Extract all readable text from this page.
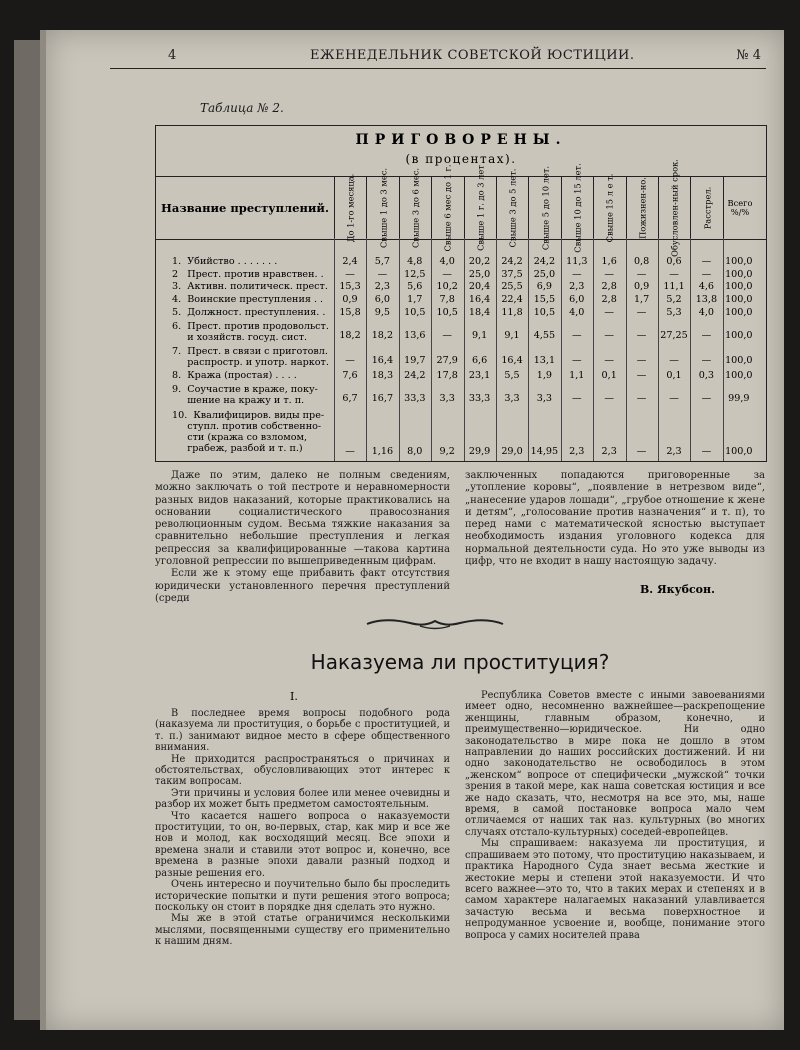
4	ЕЖЕНЕДЕЛЬНИК СОВЕТСКОЙ ЮСТИЦИИ.	№ 4
Таблица № 2.
ПРИГОВОРЕНЫ.
(в процентах).
Название преступлений.	До 1-го месяца.	Свыше 1 до 3 мес.	Свыше 3 до 6 мес.	Свыше 6 мес до 1 г.	Свыше 1 г. до 3 лет	Свыше 3 до 5 лет.	Свыше 5 до 10 лет.	Свыше 10 до 15 лет.	Свыше 15 л е т.	Пожизнен-но.	Обусловлен-ный срок.	Расстрел.	Всего %/%
1.  Убийство . . . . . . .	2,4	5,7	4,8	4,0	20,2	24,2	24,2	11,3	1,6	0,8	0,6	—	100,0
2   Прест. против нравствен. .	—	—	12,5	—	25,0	37,5	25,0	—	—	—	—	—	100,0
3.  Активн. политическ. прест.	15,3	2,3	5,6	10,2	20,4	25,5	6,9	2,3	2,8	0,9	11,1	4,6	100,0
4.  Воинские преступления . .	0,9	6,0	1,7	7,8	16,4	22,4	15,5	6,0	2,8	1,7	5,2	13,8 100,0
5.  Должност. преступления. .	15,8	9,5	10,5	10,5	18,4	11,8	10,5	4,0	—	—	5,3	4,0	100,0
6.  Прест. против продовольст.
и хозяйств. госуд. сист.	18,2	18,2	13,6	—	9,1	9,1	4,55	—	—	—	27,25	—	100,0
7.  Прест. в связи с приготовл.
распростр. и употр. наркот.	—	16,4	19,7	27,9	6,6	16,4	13,1	—	—	—	—	—	100,0
8.  Кража (простая) . . . .	7,6	18,3	24,2	17,8	23,1	5,5	1,9	1,1	0,1	—	0,1	0,3	100,0
9.  Соучастие в краже, поку-
шение на кражу и т. п.	6,7	16,7	33,3	3,3	33,3	3,3	3,3	—	—	—	—	—	99,9
10.  Квалифициров. виды пре-
ступл. против собственно-
сти (кража со взломом,
грабеж, разбой и т. п.)	—	1,16	8,0	9,2	29,9	29,0 14,95	2,3	2,3	—	2,3	—	100,0

Даже по этим, далеко не полным сведениям, можно заключать о той пестроте и неравномерности разных видов наказаний, которые практиковались на основании социалистического правосознания революционным судом. Весьма тяжкие наказания за сравнительно небольшие преступления и легкая репрессия за квалифицированные —такова картина уголовной репрессии по вышеприведенным цифрам.

Если же к этому еще прибавить факт отсутствия юридически установленного перечня преступлений (среди

заключенных попадаются приговоренные за „утопление коровы“, „появление в нетрезвом виде“, „нанесение ударов лошади“, „грубое отношение к жене и детям“, „голосование против назначения“ и т. п), то перед нами с математической ясностью выступает необходимость издания уголовного кодекса для нормальной деятельности суда. Но это уже выводы из цифр, что не входит в нашу настоящую задачу.

В. Якубсон.
Наказуема ли проституция?
I.

В последнее время вопросы подобного рода (наказуема ли проституция, о борьбе с проституцией, и т. п.) занимают видное место в сфере общественного внимания.

Не приходится распространяться о причинах и обстоятельствах, обусловливающих этот интерес к таким вопросам.

Эти причины и условия более или менее очевидны и разбор их может быть предметом самостоятельным.

Что касается нашего вопроса о наказуемости проституции, то он, во-первых, стар, как мир и все же нов и молод, как восходящий месяц. Все эпохи и времена знали и ставили этот вопрос и, конечно, все времена в разные эпохи давали разный подход и разные решения его.

Очень интересно и поучительно было бы проследить исторические попытки и пути решения этого вопроса; поскольку он стоит в порядке дня сделать это нужно.

Мы же в этой статье ограничимся несколькими мыслями, посвященными существу его применительно к нашим дням.

Республика Советов вместе с иными завоеваниями имеет одно, несомненно важнейшее—раскрепощение женщины, главным образом, конечно, и преимущественно—юридическое. Ни одно законодательство в мире пока не дошло в этом направлении до наших российских достижений. И ни одно законодательство не освободилось в этом „женском“ вопросе от специфически „мужской“ точки зрения в такой мере, как наша советская юстиция и все же надо сказать, что, несмотря на все это, мы, наше время, в самой постановке вопроса мало чем отличаемся от наших так наз. культурных (во многих случаях отстало-культурных) соседей-европейцев.

Мы спрашиваем: наказуема ли проституция, и спрашиваем это потому, что проституцию наказываем, и практика Народного Суда знает весьма жесткие и жестокие меры и степени этой наказуемости. И что всего важнее—это то, что в таких мерах и степенях и в самом характере налагаемых наказаний улавливается зачастую весьма и весьма поверхностное и непродуманное усвоение и, вообще, понимание этого вопроса у самих носителей права
